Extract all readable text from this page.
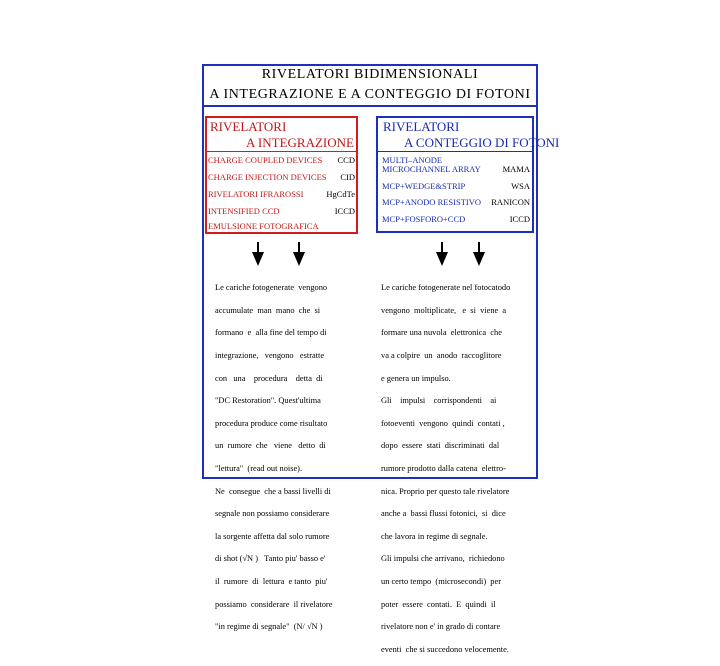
RIVELATORI BIDIMENSIONALI
A INTEGRAZIONE E A CONTEGGIO DI FOTONI
RIVELATORI
A INTEGRAZIONE
CHARGE COUPLED DEVICES CCD
CHARGE INJECTION DEVICES CID
RIVELATORI IFRAROSSI	HgCdTe
INTENSIFIED CCD	ICCD
EMULSIONE FOTOGRAFICA
RIVELATORI
A CONTEGGIO DI FOTONI
MULTI–ANODE
MICROCHANNEL ARRAY	MAMA
MCP+WEDGE&STRIP	WSA
MCP+ANODO RESISTIVO RANICON
MCP+FOSFORO+CCD	ICCD

Le cariche fotogenerate  vengono

accumulate  man  mano  che  si

formano  e  alla fine del tempo di

integrazione,   vengono   estratte

con   una    procedura    detta  di

"DC Restoration". Quest'ultima

procedura produce come risultato

un  rumore  che   viene   detto  di

"lettura"  (read out noise).

Ne  consegue  che a bassi livelli di

segnale non possiamo considerare

la sorgente affetta dal solo rumore

di shot (√N )   Tanto piu' basso e'

il  rumore  di  lettura  e tanto  piu'

possiamo  considerare  il rivelatore

"in regime di segnale"  (N/ √N )

Le cariche fotogenerate nel fotocatodo

vengono  moltiplicate,   e  si  viene  a

formare una nuvola  elettronica  che

va a colpire  un  anodo  raccoglitore

e genera un impulso.

Gli    impulsi    corrispondenti    ai

fotoeventi  vengono  quindi  contati ,

dopo  essere  stati  discriminati  dal

rumore prodotto dalla catena  elettro-

nica. Proprio per questo tale rivelatore

anche a  bassi flussi fotonici,  si  dice

che lavora in regime di segnale.

Gli impulsi che arrivano,  richiedono

un certo tempo  (microsecondi)  per

poter  essere  contati.  E  quindi  il

rivelatore non e' in grado di contare

eventi  che si succedono velocemente.
